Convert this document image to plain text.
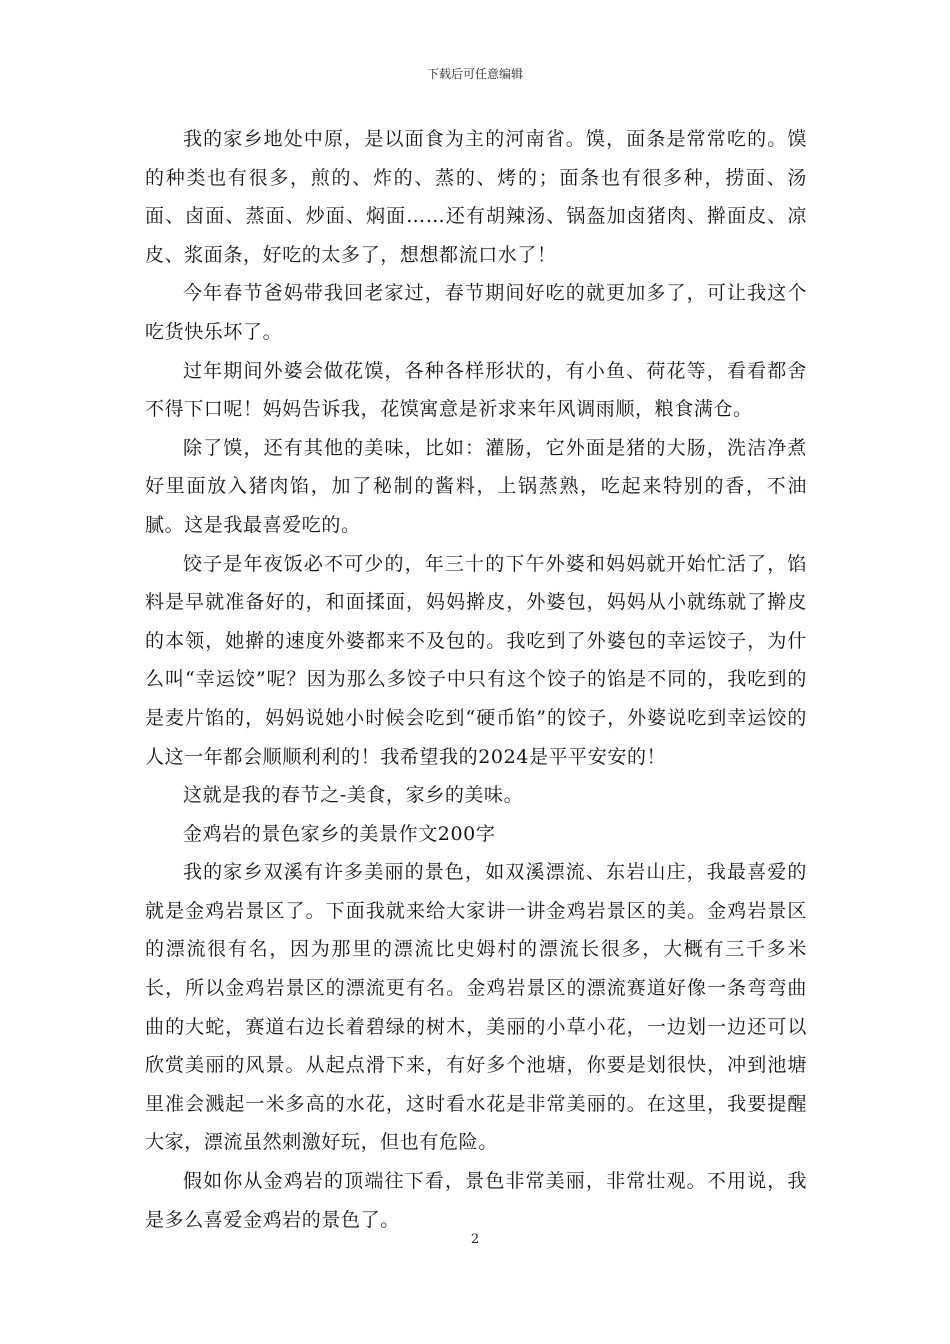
下载后可任意编辑

我的家乡地处中原，是以面食为主的河南省。馍，面条是常常吃的。馍的种类也有很多，煎的、炸的、蒸的、烤的；面条也有很多种，捞面、汤面、卤面、蒸面、炒面、焖面……还有胡辣汤、锅盔加卤猪肉、擀面皮、凉皮、浆面条，好吃的太多了，想想都流口水了！

今年春节爸妈带我回老家过，春节期间好吃的就更加多了，可让我这个吃货快乐坏了。

过年期间外婆会做花馍，各种各样形状的，有小鱼、荷花等，看看都舍不得下口呢！妈妈告诉我，花馍寓意是祈求来年风调雨顺，粮食满仓。

除了馍，还有其他的美味，比如：灌肠，它外面是猪的大肠，洗洁净煮好里面放入猪肉馅，加了秘制的酱料，上锅蒸熟，吃起来特别的香，不油腻。这是我最喜爱吃的。

饺子是年夜饭必不可少的，年三十的下午外婆和妈妈就开始忙活了，馅料是早就准备好的，和面揉面，妈妈擀皮，外婆包，妈妈从小就练就了擀皮的本领，她擀的速度外婆都来不及包的。我吃到了外婆包的幸运饺子，为什么叫“幸运饺”呢？因为那么多饺子中只有这个饺子的馅是不同的，我吃到的是麦片馅的，妈妈说她小时候会吃到“硬币馅”的饺子，外婆说吃到幸运饺的人这一年都会顺顺利利的！我希望我的2024是平平安安的！

这就是我的春节之-美食，家乡的美味。

金鸡岩的景色家乡的美景作文200字

我的家乡双溪有许多美丽的景色，如双溪漂流、东岩山庄，我最喜爱的就是金鸡岩景区了。下面我就来给大家讲一讲金鸡岩景区的美。金鸡岩景区的漂流很有名，因为那里的漂流比史姆村的漂流长很多，大概有三千多米长，所以金鸡岩景区的漂流更有名。金鸡岩景区的漂流赛道好像一条弯弯曲曲的大蛇，赛道右边长着碧绿的树木，美丽的小草小花，一边划一边还可以欣赏美丽的风景。从起点滑下来，有好多个池塘，你要是划很快，冲到池塘里准会溅起一米多高的水花，这时看水花是非常美丽的。在这里，我要提醒大家，漂流虽然刺激好玩，但也有危险。

假如你从金鸡岩的顶端往下看，景色非常美丽，非常壮观。不用说，我是多么喜爱金鸡岩的景色了。

2
